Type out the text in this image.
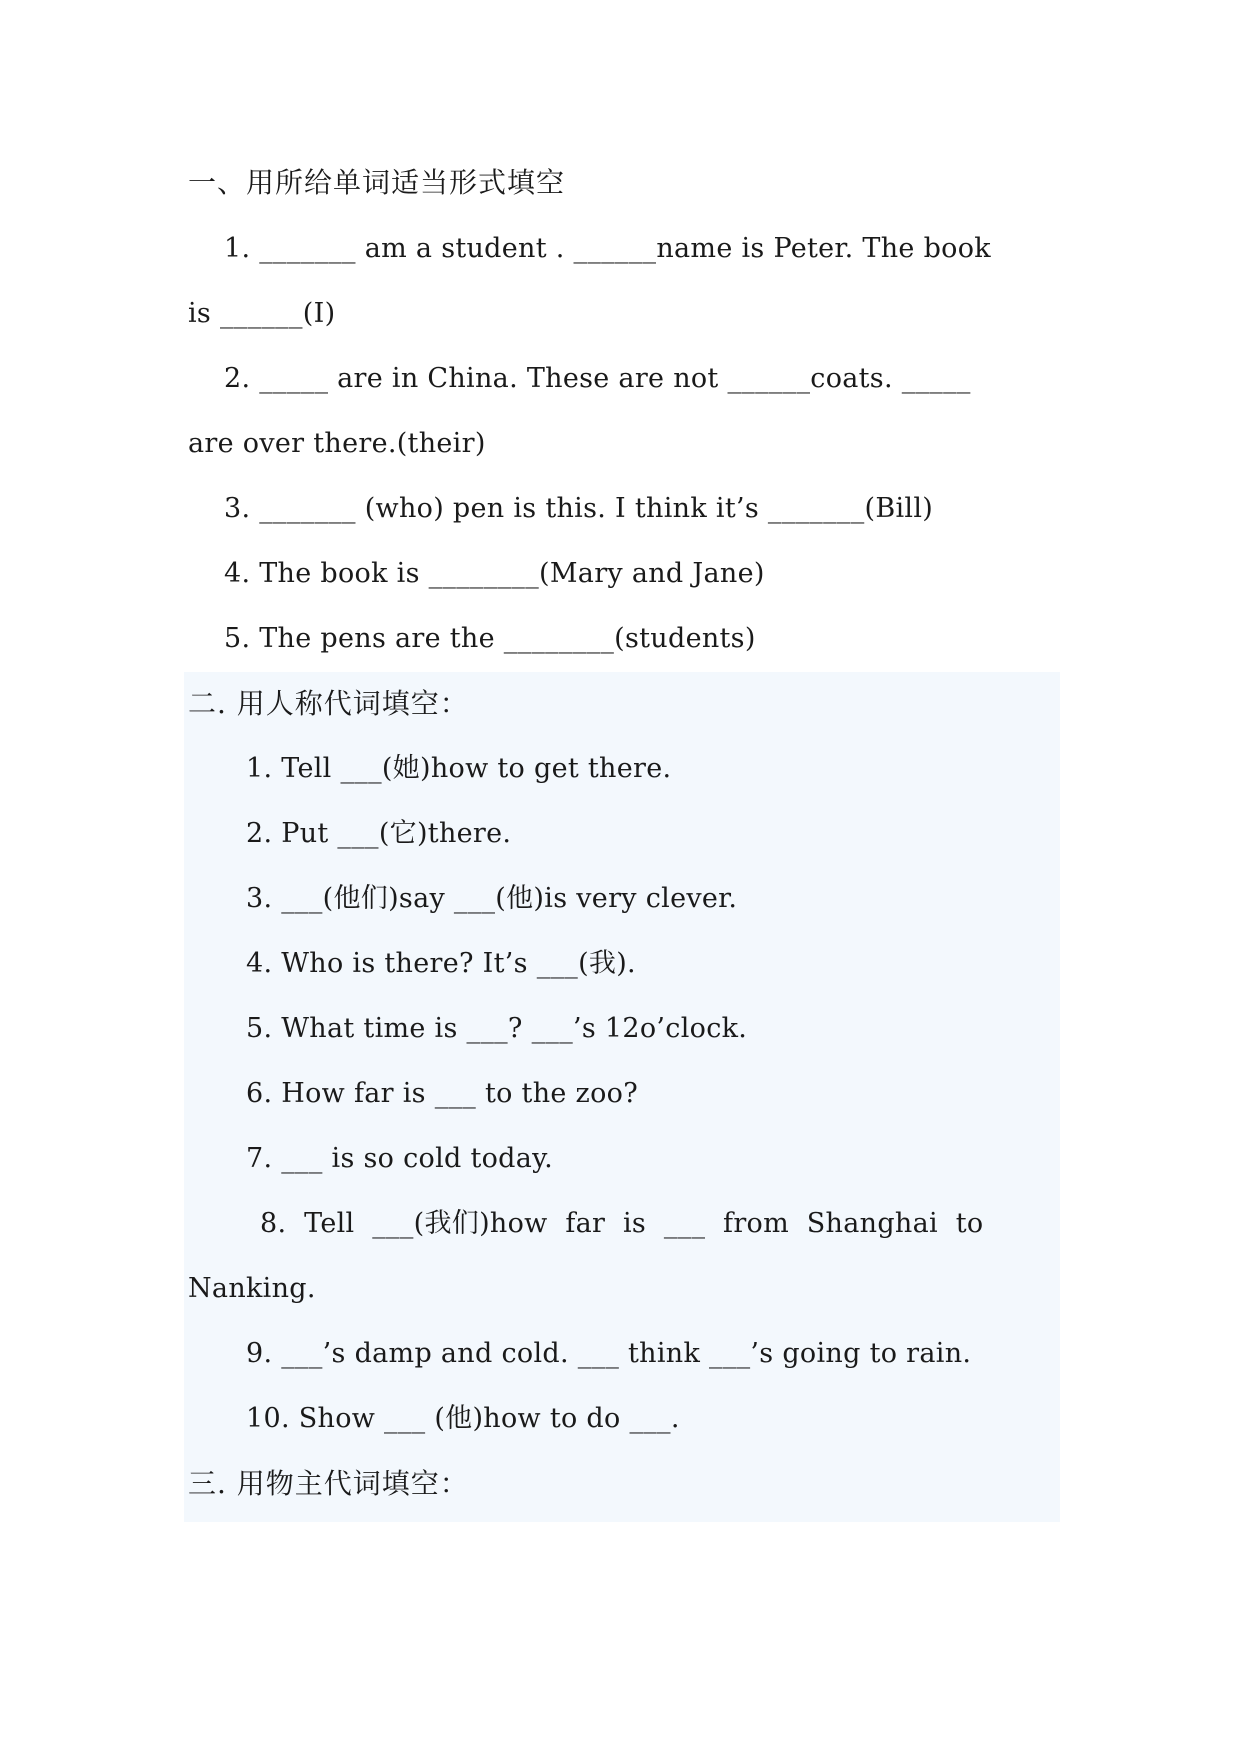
一、用所给单词适当形式填空
1. _______ am a student . ______name is Peter. The book
is ______(I)
2. _____ are in China. These are not ______coats. _____
are over there.(their)
3. _______ (who) pen is this. I think it’s _______(Bill)
4. The book is ________(Mary and Jane)
5. The pens are the ________(students)
二. 用人称代词填空：
1. Tell ___(她)how to get there.
2. Put ___(它)there.
3. ___(他们)say ___(他)is very clever.
4. Who is there? It’s ___(我).
5. What time is ___? ___’s 12o’clock.
6. How far is ___ to the zoo?
7. ___ is so cold today.
8.  Tell  ___(我们)how  far  is  ___  from  Shanghai  to
Nanking.
9. ___’s damp and cold. ___ think ___’s going to rain.
10. Show ___ (他)how to do ___.
三. 用物主代词填空：
